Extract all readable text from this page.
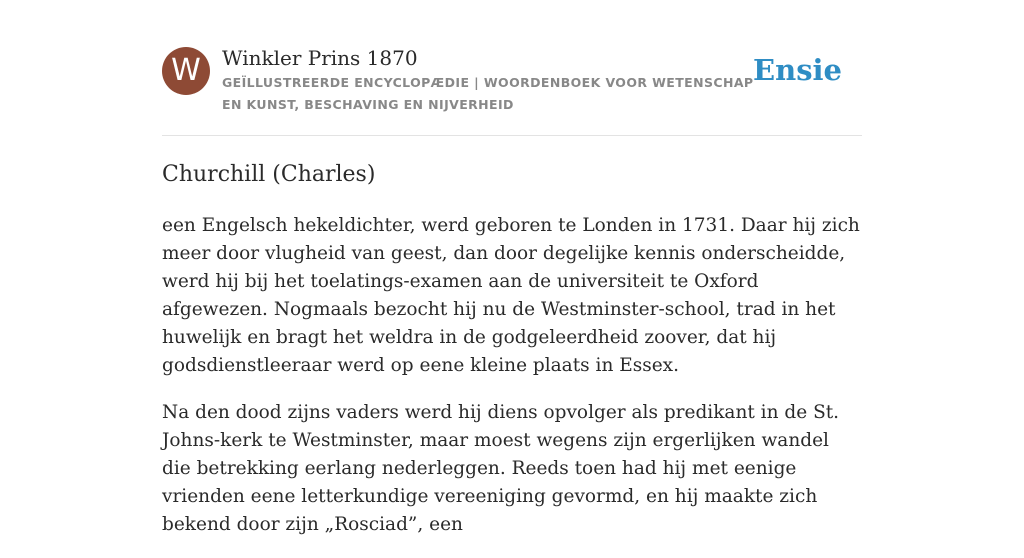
W	Winkler Prins 1870
GEÏLLUSTREERDE ENCYCLOPÆDIE | WOORDENBOEK VOOR WETENSCHAP EN KUNST, BESCHAVING EN NIJVERHEID
Ensie
Churchill (Charles)

een Engelsch hekeldichter, werd geboren te Londen in 1731. Daar hij zich meer door vlugheid van geest, dan door degelijke kennis onderscheidde, werd hij bij het toelatings-examen aan de universiteit te Oxford afgewezen. Nogmaals bezocht hij nu de Westminster-school, trad in het huwelijk en bragt het weldra in de godgeleerdheid zoover, dat hij godsdienstleeraar werd op eene kleine plaats in Essex.

Na den dood zijns vaders werd hij diens opvolger als predikant in de St. Johns-kerk te Westminster, maar moest wegens zijn ergerlijken wandel die betrekking eerlang nederleggen. Reeds toen had hij met eenige vrienden eene letterkundige vereeniging gevormd, en hij maakte zich bekend door zijn „Rosciad”, een
